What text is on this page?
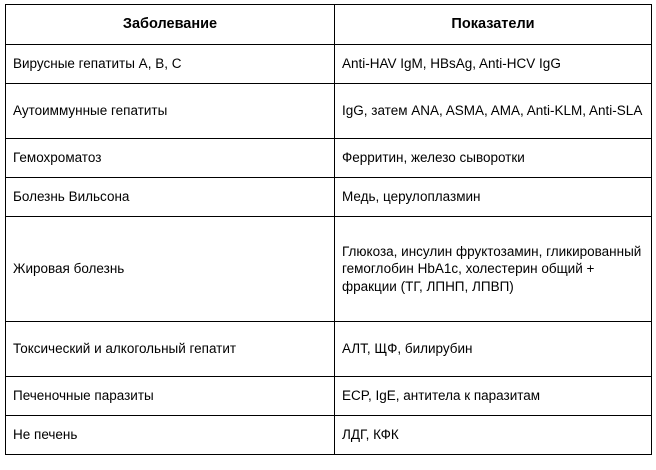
Заболевание	Показатели
Вирусные гепатиты A, B, C	Anti-HAV IgM, HBsAg, Anti-HCV IgG
Аутоиммунные гепатиты	IgG, затем ANA, ASMA, AMA, Anti-KLM, Anti-SLA
Гемохроматоз	Ферритин, железо сыворотки
Болезнь Вильсона	Медь, церулоплазмин
Жировая болезнь	Глюкоза, инсулин фруктозамин, гликированный гемоглобин HbA1c, холестерин общий + фракции (ТГ, ЛПНП, ЛПВП)
Токсический и алкогольный гепатит	АЛТ, ЩФ, билирубин
Печеночные паразиты	ECP, IgE, антитела к паразитам
Не печень	ЛДГ, КФК
